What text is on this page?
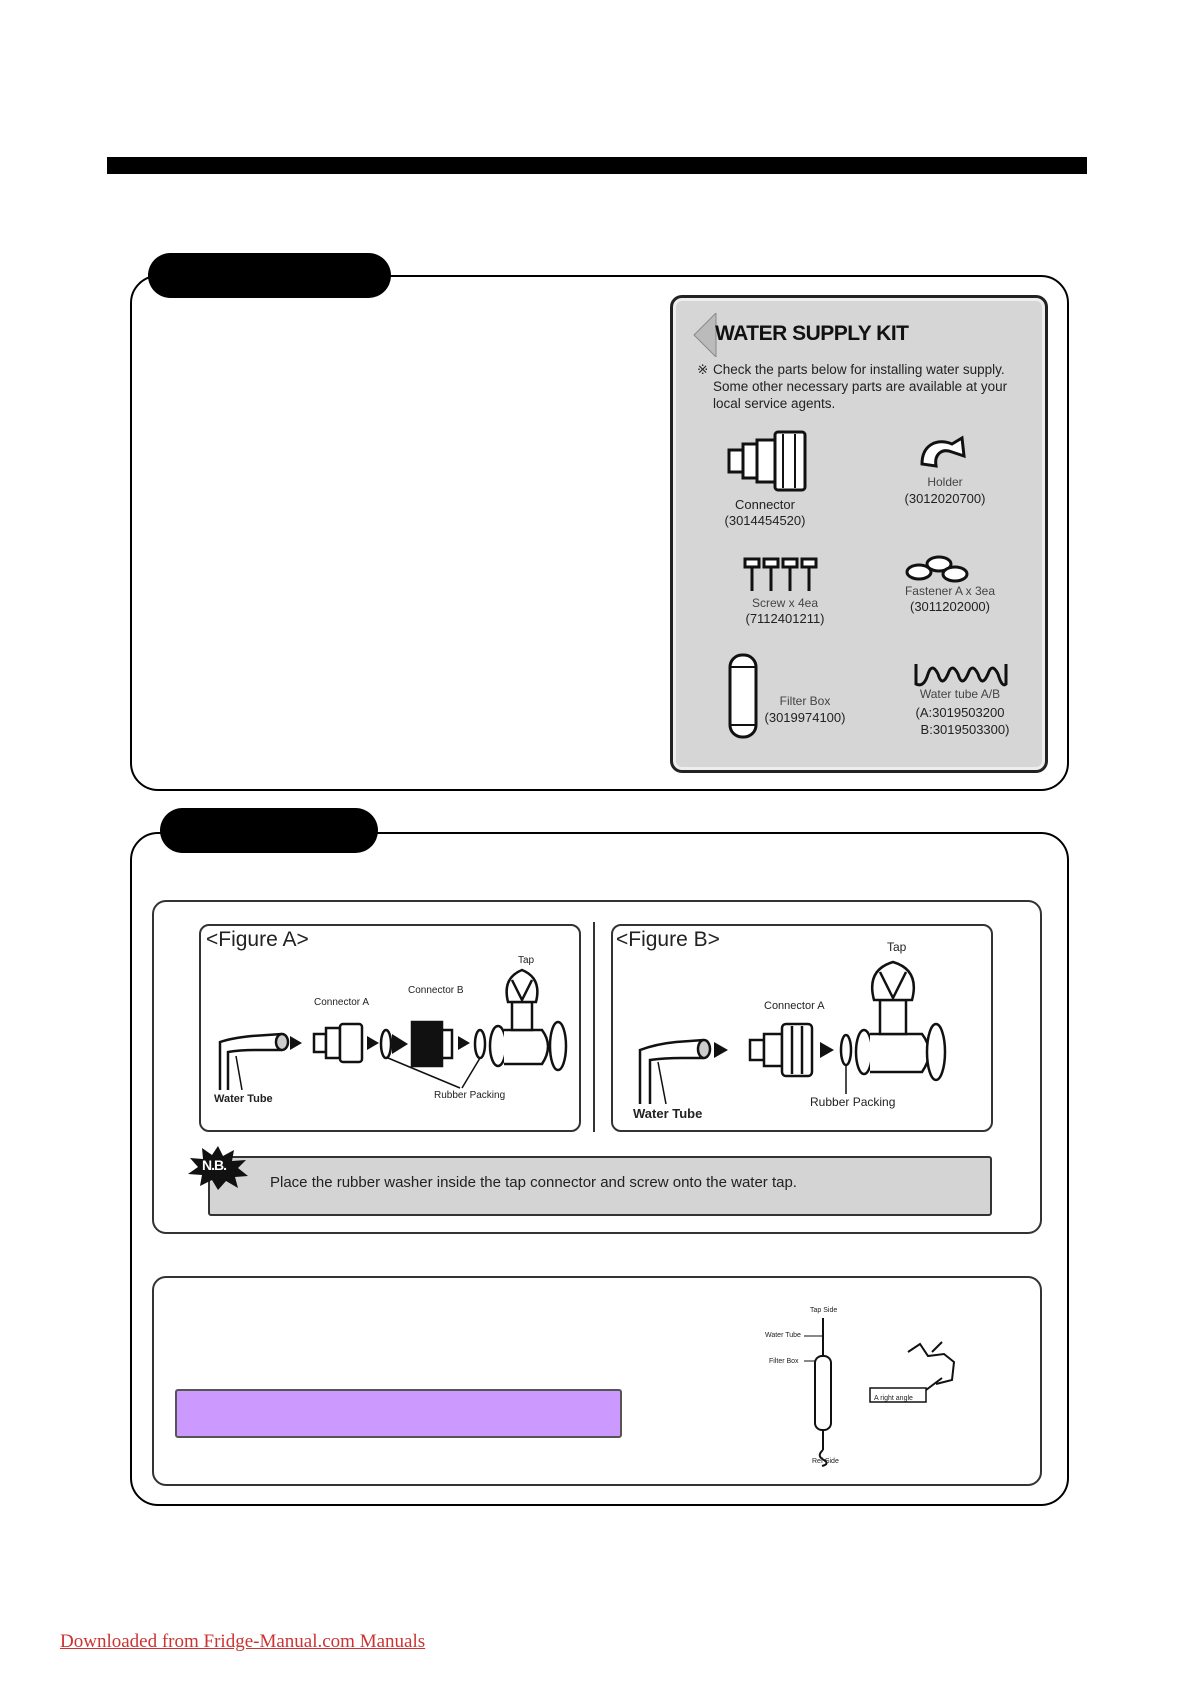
WATER SUPPLY KIT
※ Check the parts below for installing water supply.
Some other necessary parts are available at your
local service agents.
Connector
(3014454520)
Holder
(3012020700)
Screw x 4ea
(7112401211)
Fastener A x 3ea
(3011202000)
Filter Box
(3019974100)
Water tube A/B
(A:3019503200
B:3019503300)
<Figure A>
Tap
Connector B
Connector A
Water Tube	Rubber Packing
<Figure B>	Tap
Connector A
Water Tube
Rubber Packing
N.B.
Place the rubber washer inside the tap connector and screw onto the water tap.
Tap Side
Water Tube
Filter Box
A right angle
Ref Side
Downloaded from Fridge-Manual.com Manuals
